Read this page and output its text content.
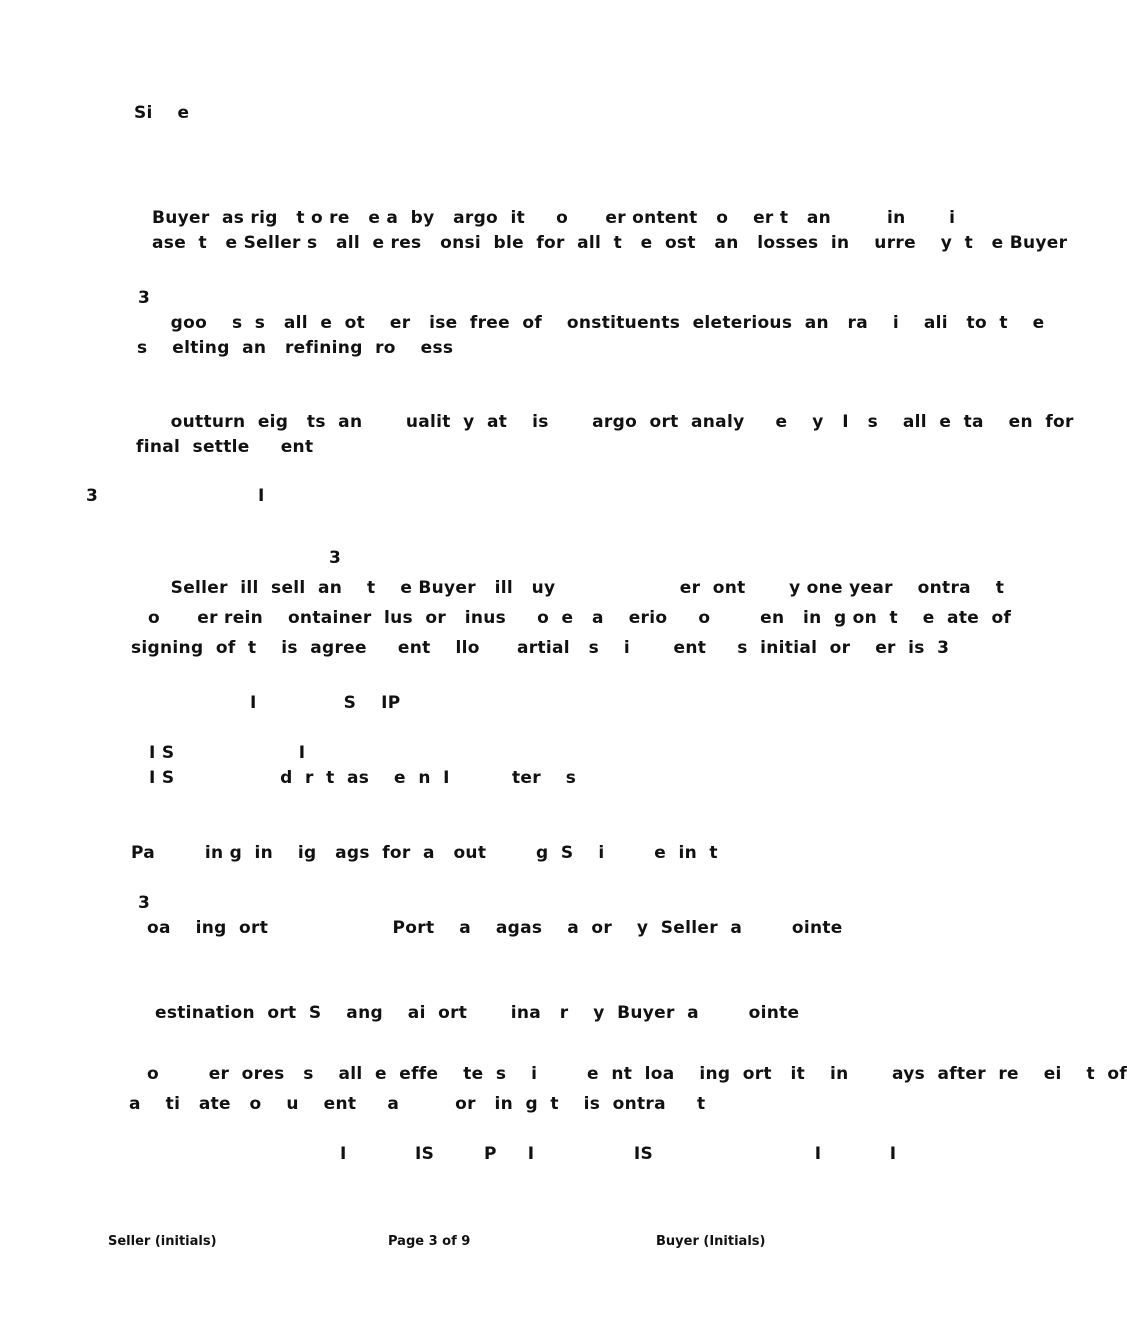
Si    e
Buyer  as rig   t o re   e a  by   argo  it     o      er ontent   o    er t   an         in       i
ase  t   e Seller s   all  e res   onsi  ble  for  all  t   e  ost   an   losses  in    urre    y  t   e Buyer
3
goo    s  s   all  e  ot    er   ise  free  of    onstituents  eleterious  an   ra    i    ali   to  t    e
s    elting  an   refining  ro    ess
outturn  eig   ts  an       ualit  y  at    is       argo  ort  analy     e    y   I   s    all  e  ta    en  for
final  settle     ent
3	I
3
Seller  ill  sell  an    t    e Buyer   ill   uy                    er  ont       y one year    ontra    t
o      er rein    ontainer  lus  or   inus     o  e   a    erio     o        en   in  g on  t    e  ate  of
signing  of  t    is  agree     ent    llo      artial   s    i       ent     s  initial  or    er  is  3
I              S    IP
I S                    I
I S                 d  r  t  as    e  n  I          ter    s
Pa        in g  in    ig   ags  for  a   out        g  S    i        e  in  t
3
oa    ing  ort                    Port    a    agas    a  or    y  Seller  a        ointe
estination  ort  S    ang    ai  ort       ina   r    y  Buyer  a        ointe
o        er  ores   s    all  e  effe    te  s    i        e  nt  loa    ing  ort   it    in       ays  after  re    ei    t  of
a    ti   ate   o    u    ent     a         or   in  g  t    is  ontra     t
I           IS        P     I                IS                          I           I
Seller (initials)	Page 3 of 9	Buyer (Initials)
